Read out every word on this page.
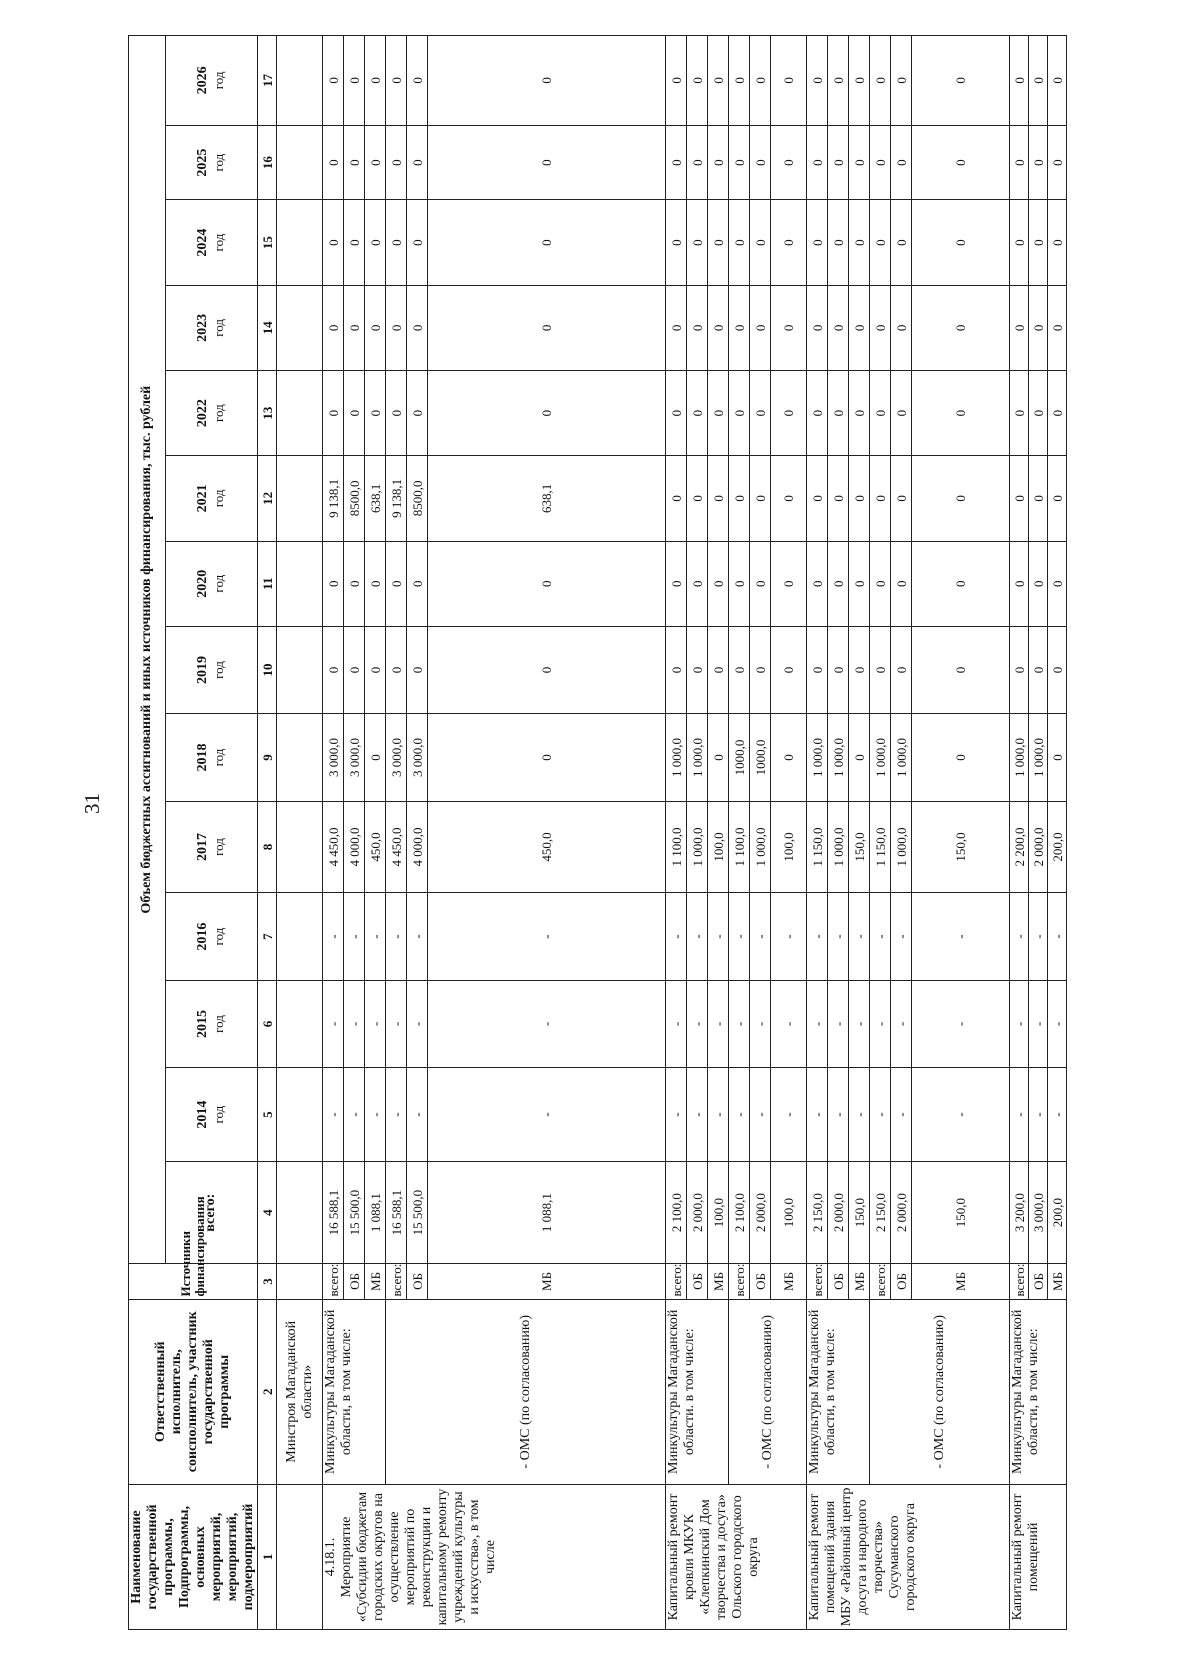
31
Наименование государственной программы, Подпрограммы, основных мероприятий, мероприятий, подмероприятий	Ответственный исполнитель, соисполнитель, участник государственной программы	Источники финансирования	Объем бюджетных ассигнований и иных источников финансирования, тыс. рублей													
			всего:	2014 год	2015 год	2016 год	2017 год	2018 год	2019 год	2020 год	2021 год	2022 год	2023 год	2024 год	2025 год	2026 год

1	2	3	4	5	6	7	8	9	10	11	12	13	14	15	16	17
	Минстроя Магаданской области»															

4.18.1. Мероприятие «Субсидии бюджетам городских округов на осуществление мероприятий по реконструкции и капитальному ремонту учреждений культуры и искусства», в том числе	Минкультуры Магаданской области, в том числе:	всего:	16 588,1	-	-	-	4 450,0	3 000,0	0	0	9 138,1	0	0	0	0	0
		ОБ	15 500,0	-	-	-	4 000,0	3 000,0	0	0	8500,0	0	0	0	0	0
		МБ	1 088,1	-	-	-	450,0	0	0	0	638,1	0	0	0	0	0
	- ОМС (по согласованию)	всего:	16 588,1	-	-	-	4 450,0	3 000,0	0	0	9 138,1	0	0	0	0	0
		ОБ	15 500,0	-	-	-	4 000,0	3 000,0	0	0	8500,0	0	0	0	0	0
		МБ	1 088,1	-	-	-	450,0	0	0	0	638,1	0	0	0	0	0

Капитальный ремонт кровли МКУК «Клепкинский Дом творчества и досуга» Ольского городского округа	Минкультуры Магаданской области. в том числе:	всего:	2 100,0	-	-	-	1 100,0	1 000,0	0	0	0	0	0	0	0	0
		ОБ	2 000,0	-	-	-	1 000,0	1 000,0	0	0	0	0	0	0	0	0
		МБ	100,0	-	-	-	100,0	0	0	0	0	0	0	0	0	0
	- ОМС (по согласованию)	всего:	2 100,0	-	-	-	1 100,0	1000,0	0	0	0	0	0	0	0	0
		ОБ	2 000,0	-	-	-	1 000,0	1000,0	0	0	0	0	0	0	0	0
		МБ	100,0	-	-	-	100,0	0	0	0	0	0	0	0	0	0

Капитальный ремонт помещений здания МБУ «Районный центр досуга и народного творчества» Сусуманского городского округа	Минкультуры Магаданской области, в том числе:	всего:	2 150,0	-	-	-	1 150,0	1 000,0	0	0	0	0	0	0	0	0
		ОБ	2 000,0	-	-	-	1 000,0	1 000,0	0	0	0	0	0	0	0	0
		МБ	150,0	-	-	-	150,0	0	0	0	0	0	0	0	0	0
	- ОМС (по согласованию)	всего:	2 150,0	-	-	-	1 150,0	1 000,0	0	0	0	0	0	0	0	0
		ОБ	2 000,0	-	-	-	1 000,0	1 000,0	0	0	0	0	0	0	0	0
		МБ	150,0	-	-	-	150,0	0	0	0	0	0	0	0	0	0

Капитальный ремонт помещений	Минкультуры Магаданской области, в том числе:	всего:	3 200,0	-	-	-	2 200,0	1 000,0	0	0	0	0	0	0	0	0
		ОБ	3 000,0	-	-	-	2 000,0	1 000,0	0	0	0	0	0	0	0	0
		МБ	200,0	-	-	-	200,0	0	0	0	0	0	0	0	0	0
